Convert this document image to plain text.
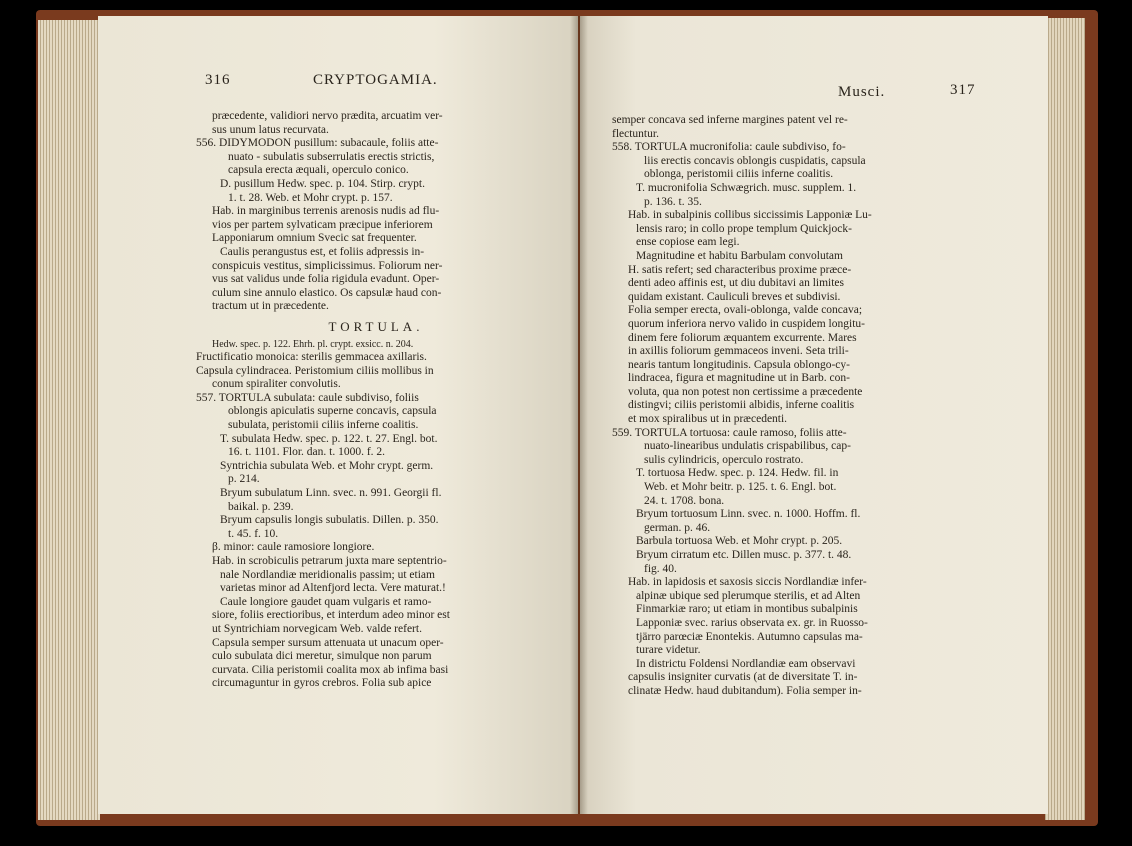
316	CRYPTOGAMIA.

præcedente, validiori nervo prædita, arcuatim ver-

sus unum latus recurvata.

556. DIDYMODON pusillum: subacaule, foliis atte-

nuato - subulatis subserrulatis erectis strictis,

capsula erecta æquali, operculo conico.

D. pusillum Hedw. spec. p. 104. Stirp. crypt.

1. t. 28. Web. et Mohr crypt. p. 157.

Hab. in marginibus terrenis arenosis nudis ad flu-

vios per partem sylvaticam præcipue inferiorem

Lapponiarum omnium Svecic sat frequenter.

Caulis perangustus est, et foliis adpressis in-

conspicuis vestitus, simplicissimus. Foliorum ner-

vus sat validus unde folia rigidula evadunt. Oper-

culum sine annulo elastico. Os capsulæ haud con-

tractum ut in præcedente.

TORTULA.

Hedw. spec. p. 122. Ehrh. pl. crypt. exsicc. n. 204.

Fructificatio monoica: sterilis gemmacea axillaris.

Capsula cylindracea. Peristomium ciliis mollibus in

conum spiraliter convolutis.

557. TORTULA subulata: caule subdiviso, foliis

oblongis apiculatis superne concavis, capsula

subulata, peristomii ciliis inferne coalitis.

T. subulata Hedw. spec. p. 122. t. 27. Engl. bot.

16. t. 1101. Flor. dan. t. 1000. f. 2.

Syntrichia subulata Web. et Mohr crypt. germ.

p. 214.

Bryum subulatum Linn. svec. n. 991. Georgii fl.

baikal. p. 239.

Bryum capsulis longis subulatis. Dillen. p. 350.

t. 45. f. 10.

β. minor: caule ramosiore longiore.

Hab. in scrobiculis petrarum juxta mare septentrio-

nale Nordlandiæ meridionalis passim; ut etiam

varietas minor ad Altenfjord lecta. Vere maturat.!

Caule longiore gaudet quam vulgaris et ramo-

siore, foliis erectioribus, et interdum adeo minor est

ut Syntrichiam norvegicam Web. valde refert.

Capsula semper sursum attenuata ut unacum oper-

culo subulata dici meretur, simulque non parum

curvata. Cilia peristomii coalita mox ab infima basi

circumaguntur in gyros crebros. Folia sub apice

Musci.	317

semper concava sed inferne margines patent vel re-

flectuntur.

558. TORTULA mucronifolia: caule subdiviso, fo-

liis erectis concavis oblongis cuspidatis, capsula

oblonga, peristomii ciliis inferne coalitis.

T. mucronifolia Schwægrich. musc. supplem. 1.

p. 136. t. 35.

Hab. in subalpinis collibus siccissimis Lapponiæ Lu-

lensis raro; in collo prope templum Quickjock-

ense copiose eam legi.

Magnitudine et habitu Barbulam convolutam

H. satis refert; sed characteribus proxime præce-

denti adeo affinis est, ut diu dubitavi an limites

quidam existant. Cauliculi breves et subdivisi.

Folia semper erecta, ovali-oblonga, valde concava;

quorum inferiora nervo valido in cuspidem longitu-

dinem fere foliorum æquantem excurrente. Mares

in axillis foliorum gemmaceos inveni. Seta trili-

nearis tantum longitudinis. Capsula oblongo-cy-

lindracea, figura et magnitudine ut in Barb. con-

voluta, qua non potest non certissime a præcedente

distingvi; ciliis peristomii albidis, inferne coalitis

et mox spiralibus ut in præcedenti.

559. TORTULA tortuosa: caule ramoso, foliis atte-

nuato-linearibus undulatis crispabilibus, cap-

sulis cylindricis, operculo rostrato.

T. tortuosa Hedw. spec. p. 124. Hedw. fil. in

Web. et Mohr beitr. p. 125. t. 6. Engl. bot.

24. t. 1708. bona.

Bryum tortuosum Linn. svec. n. 1000. Hoffm. fl.

german. p. 46.

Barbula tortuosa Web. et Mohr crypt. p. 205.

Bryum cirratum etc. Dillen musc. p. 377. t. 48.

fig. 40.

Hab. in lapidosis et saxosis siccis Nordlandiæ infer-

alpinæ ubique sed plerumque sterilis, et ad Alten

Finmarkiæ raro; ut etiam in montibus subalpinis

Lapponiæ svec. rarius observata ex. gr. in Ruosso-

tjärro parœciæ Enontekis. Autumno capsulas ma-

turare videtur.

In districtu Foldensi Nordlandiæ eam observavi

capsulis insigniter curvatis (at de diversitate T. in-

clinatæ Hedw. haud dubitandum). Folia semper in-
